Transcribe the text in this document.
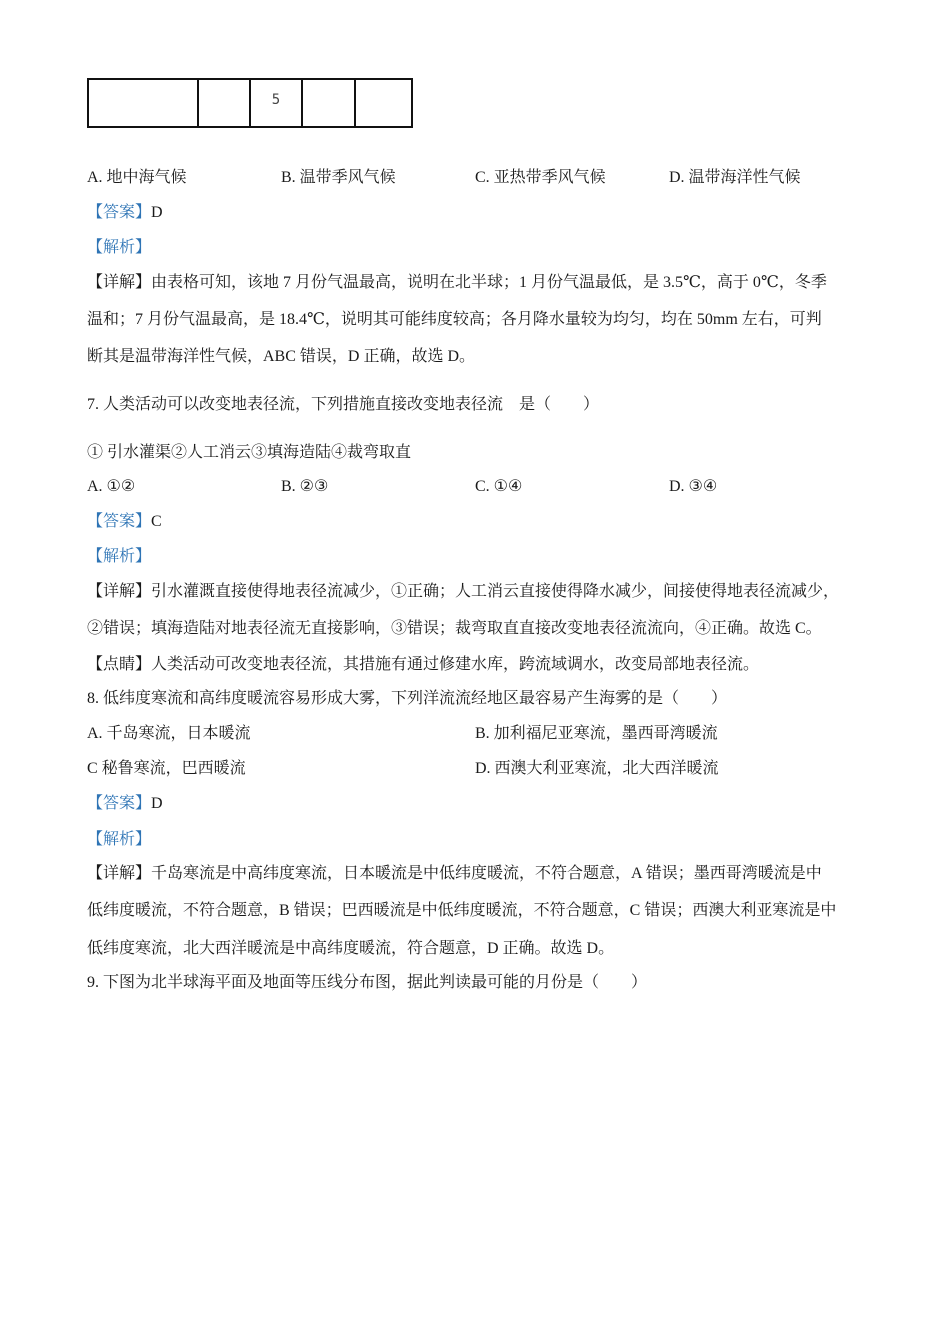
		5		
A. 地中海气候	B. 温带季风气候	C. 亚热带季风气候	D. 温带海洋性气候
【答案】D
【解析】
【详解】由表格可知，该地 7 月份气温最高，说明在北半球；1 月份气温最低，是 3.5℃，高于 0℃，冬季
温和；7 月份气温最高，是 18.4℃，说明其可能纬度较高；各月降水量较为均匀，均在 50mm 左右，可判
断其是温带海洋性气候，ABC 错误，D 正确，故选 D。
7. 人类活动可以改变地表径流，下列措施直接改变地表径流　是（　　）
① 引水灌渠②人工消云③填海造陆④裁弯取直
A. ①②	B. ②③	C. ①④	D. ③④
【答案】C
【解析】
【详解】引水灌溉直接使得地表径流减少，①正确；人工消云直接使得降水减少，间接使得地表径流减少，
②错误；填海造陆对地表径流无直接影响，③错误；裁弯取直直接改变地表径流流向，④正确。故选 C。
【点睛】人类活动可改变地表径流，其措施有通过修建水库，跨流域调水，改变局部地表径流。
8. 低纬度寒流和高纬度暖流容易形成大雾，下列洋流流经地区最容易产生海雾的是（　　）
A. 千岛寒流，日本暖流	B. 加利福尼亚寒流，墨西哥湾暖流
C 秘鲁寒流，巴西暖流	D. 西澳大利亚寒流，北大西洋暖流
【答案】D
【解析】
【详解】千岛寒流是中高纬度寒流，日本暖流是中低纬度暖流，不符合题意，A 错误；墨西哥湾暖流是中
低纬度暖流，不符合题意，B 错误；巴西暖流是中低纬度暖流，不符合题意，C 错误；西澳大利亚寒流是中
低纬度寒流，北大西洋暖流是中高纬度暖流，符合题意，D 正确。故选 D。
9. 下图为北半球海平面及地面等压线分布图，据此判读最可能的月份是（　　）
